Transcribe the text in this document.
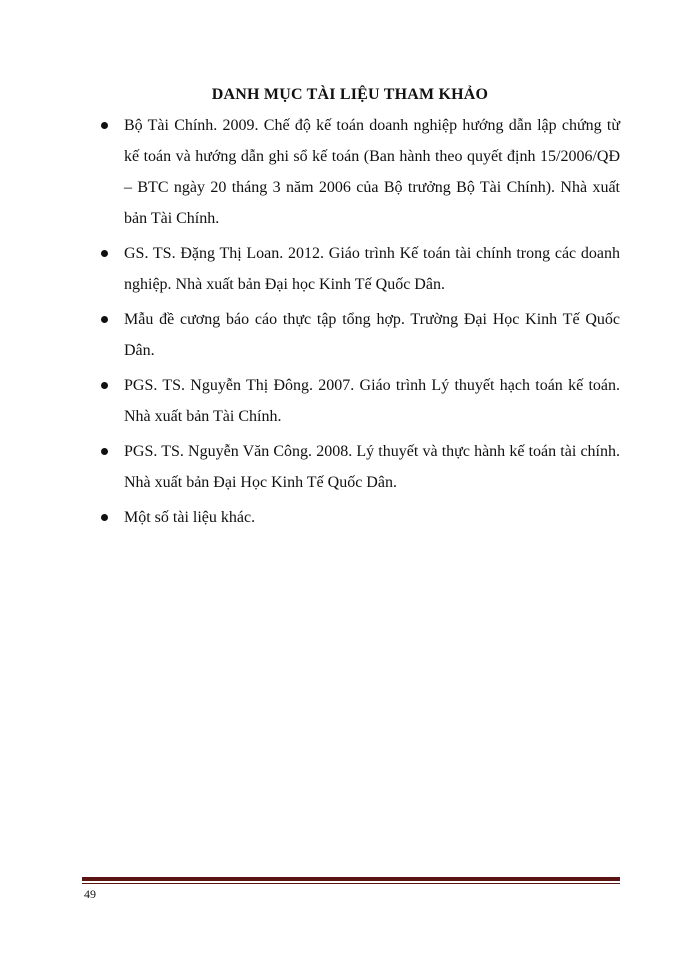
DANH MỤC TÀI LIỆU THAM KHẢO
Bộ Tài Chính. 2009. Chế độ kế toán doanh nghiệp hướng dẫn lập chứng từ kế toán và hướng dẫn ghi sổ kế toán (Ban hành theo quyết định 15/2006/QĐ – BTC ngày 20 tháng 3 năm 2006 của Bộ trưởng Bộ Tài Chính). Nhà xuất bản Tài Chính.
GS. TS. Đặng Thị Loan. 2012. Giáo trình Kế toán tài chính trong các doanh nghiệp. Nhà xuất bản Đại học Kinh Tế Quốc Dân.
Mẫu đề cương báo cáo thực tập tổng hợp. Trường Đại Học Kinh Tế Quốc Dân.
PGS. TS. Nguyễn Thị Đông. 2007. Giáo trình Lý thuyết hạch toán kế toán. Nhà xuất bản Tài Chính.
PGS. TS. Nguyễn Văn Công. 2008. Lý thuyết và thực hành kế toán tài chính. Nhà xuất bản Đại Học Kinh Tế Quốc Dân.
Một số tài liệu khác.
49
